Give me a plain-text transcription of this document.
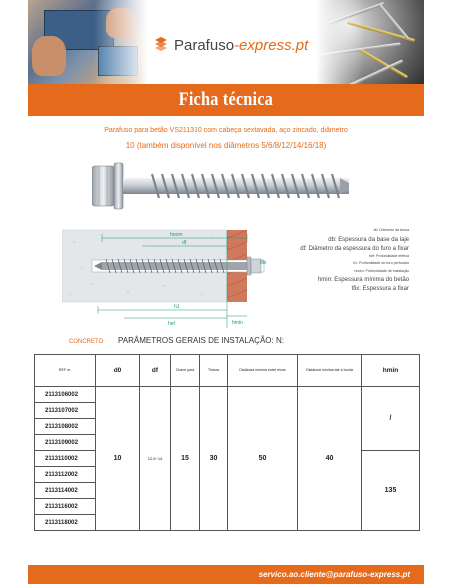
Parafuso -express.pt
Ficha técnica
Parafuso para betão VS211310 com cabeça sextavada, aço zincado, diâmetro
10 (também disponível nos diâmetros 5/6/8/12/14/16/18)
hnom
df
tfix
h1
hef	hmin
d0: Diâmetro da broca
db: Espessura da base da laje
df: Diâmetro da espessura do furo a fixar
hef: Profundidade efetiva
h1: Profundidade do furo perfurado
hnom: Profundidade de instalação
hmin: Espessura mínima do betão
tfix: Espessura a fixar
CONCRETO PARÂMETROS GERAIS DE INSTALAÇÃO: N:
REF nr.	d0	df	Chave para	Tintura	Distância mínima entre eixos	Distância mínima até à borda	hmin
2113106002	10	12.5~14	15	30	50	40	/
2113107002							
2113108002							
2113109002							
2113110002							135
2113112002							
2113114002							
2113116002							
2113118002							
servico.ao.cliente@parafuso-express.pt
